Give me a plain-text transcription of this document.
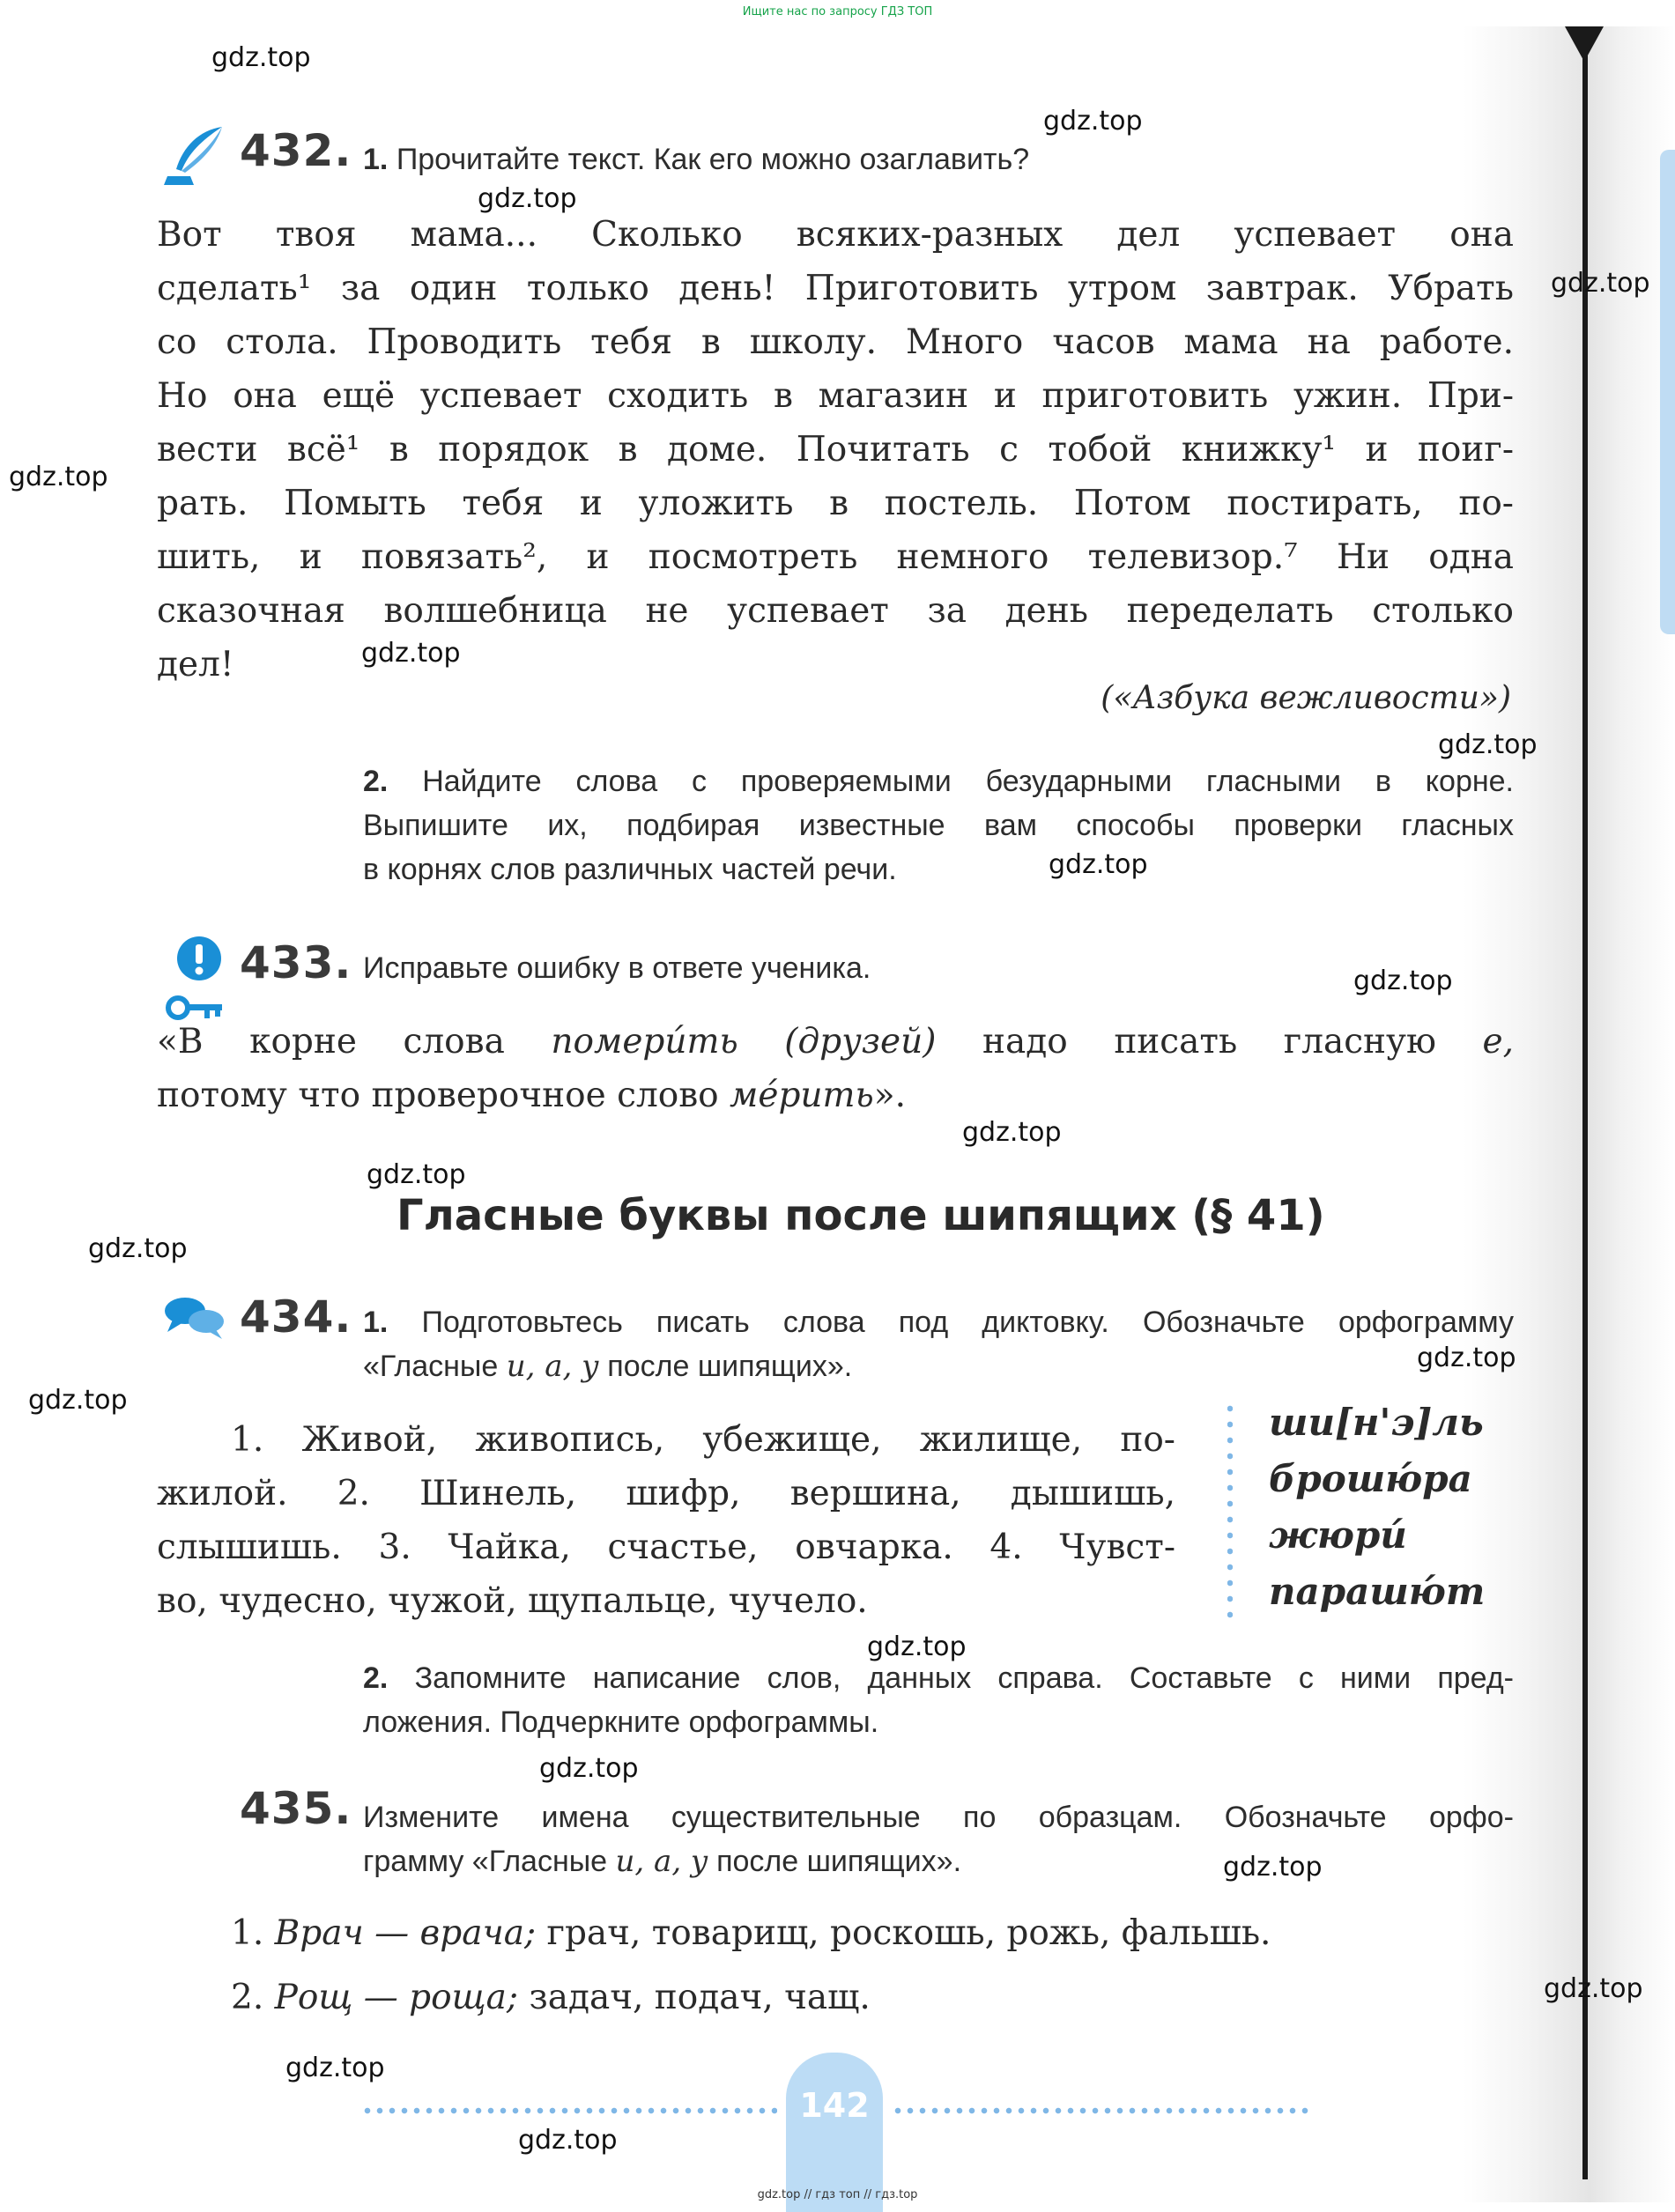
Ищите нас по запросу ГДЗ ТОП
gdz.top
gdz.top
gdz.top
gdz.top
gdz.top
gdz.top
gdz.top
gdz.top
gdz.top
gdz.top
gdz.top
gdz.top
gdz.top
gdz.top
gdz.top
gdz.top
gdz.top
gdz.top
gdz.top
gdz.top
432. 1. Прочитайте текст. Как его можно озаглавить?
Вот твоя мама... Сколько всяких-разных дел успевает она
сделать¹ за один только день! Приготовить утром завтрак. Убрать
со стола. Проводить тебя в школу. Много часов мама на работе.
Но она ещё успевает сходить в магазин и приготовить ужин. При-
вести всё¹ в порядок в доме. Почитать с тобой книжку¹ и поиг-
рать. Помыть тебя и уложить в постель. Потом постирать, по-
шить, и повязать², и посмотреть немного телевизор.⁷ Ни одна
сказочная волшебница не успевает за день переделать столько
дел!
(«Азбука вежливости»)
2. Найдите слова с проверяемыми безударными гласными в корне.
Выпишите их, подбирая известные вам способы проверки гласных
в корнях слов различных частей речи.
433. Исправьте ошибку в ответе ученика.
«В корне слова помери́ть (друзей) надо писать гласную е,
потому что проверочное слово ме́рить».
Гласные буквы после шипящих (§ 41)
434. 1. Подготовьтесь писать слова под диктовку. Обозначьте орфограмму
«Гласные и, а, у после шипящих».
1. Живой, живопись, убежище, жилище, по-
жилой. 2. Шинель, шифр, вершина, дышишь,
слышишь. 3. Чайка, счастье, овчарка. 4. Чувст-
во, чудесно, чужой, щупальце, чучело.
ши[н'э]ль
брошю́ра
жюри́
парашю́т
2. Запомните написание слов, данных справа. Составьте с ними пред-
ложения. Подчеркните орфограммы.
435. Измените имена существительные по образцам. Обозначьте орфо-
грамму «Гласные и, а, у после шипящих».
1. Врач — врача; грач, товарищ, роскошь, рожь, фальшь.
2. Рощ — роща; задач, подач, чащ.
142
gdz.top // гдз топ // гдз.top
